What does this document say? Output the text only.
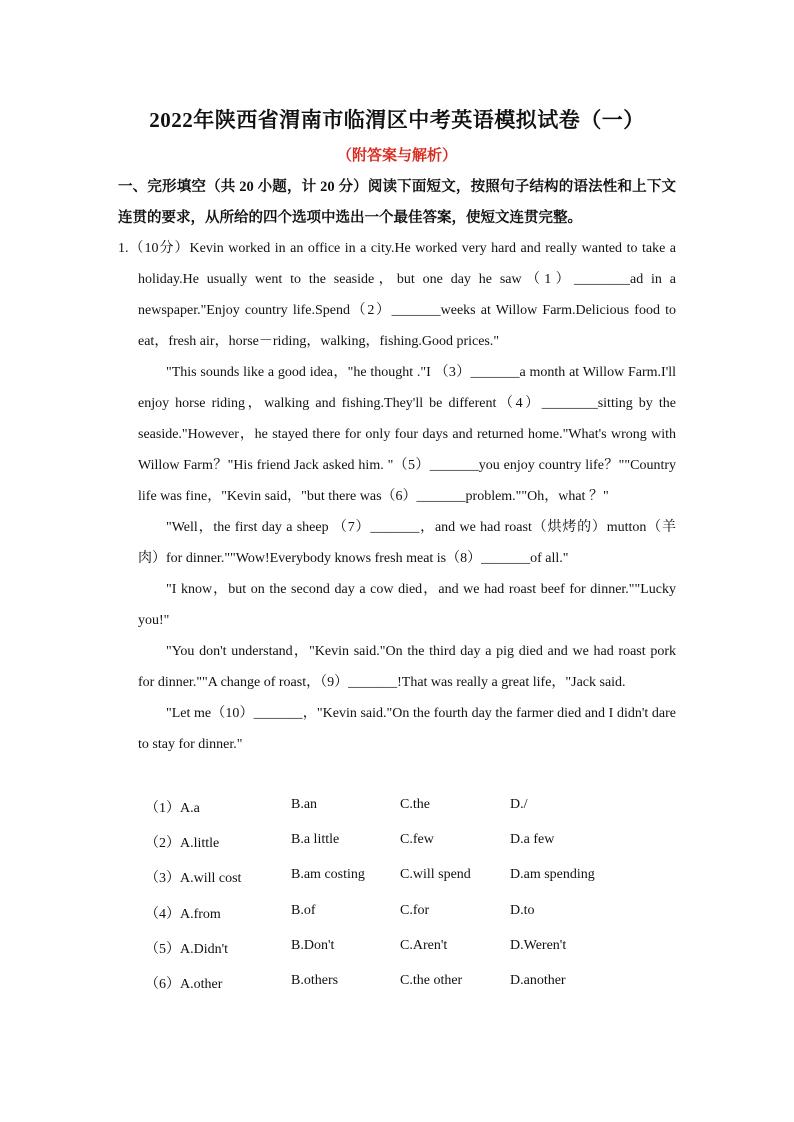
2022年陕西省渭南市临渭区中考英语模拟试卷（一）
（附答案与解析）
一、完形填空（共 20 小题，计 20 分）阅读下面短文，按照句子结构的语法性和上下文连贯的要求，从所给的四个选项中选出一个最佳答案，使短文连贯完整。

1.（10分）Kevin worked in an office in a city.He worked very hard and really wanted to take a holiday.He usually went to the seaside，but one day he saw（1）________ad in a newspaper."Enjoy country life.Spend（2）_______weeks at Willow Farm.Delicious food to eat，fresh air，horse－riding，walking，fishing.Good prices."

"This sounds like a good idea，"he thought ."I （3）_______a month at Willow Farm.I'll enjoy horse riding，walking and fishing.They'll be different（4）________sitting by the seaside."However，he stayed there for only four days and returned home."What's wrong with Willow Farm？"His friend Jack asked him. "（5）_______you enjoy country life？""Country life was fine，"Kevin said，"but there was（6）_______problem.""Oh，what ？"

"Well，the first day a sheep （7）_______，and we had roast（烘烤的）mutton（羊肉）for dinner.""Wow!Everybody knows fresh meat is（8）_______of all."

"I know，but on the second day a cow died，and we had roast beef for dinner.""Lucky you!"

"You don't understand，"Kevin said."On the third day a pig died and we had roast pork for dinner.""A change of roast，（9）_______!That was really a great life，"Jack said.

"Let me（10）_______，"Kevin said."On the fourth day the farmer died and I didn't dare to stay for dinner."

（1）A.a	B.an	C.the	D./
（2）A.little	B.a little	C.few	D.a few
（3）A.will cost	B.am costing	C.will spend	D.am spending
（4）A.from	B.of	C.for	D.to
（5）A.Didn't	B.Don't	C.Aren't	D.Weren't
（6）A.other	B.others	C.the other	D.another
